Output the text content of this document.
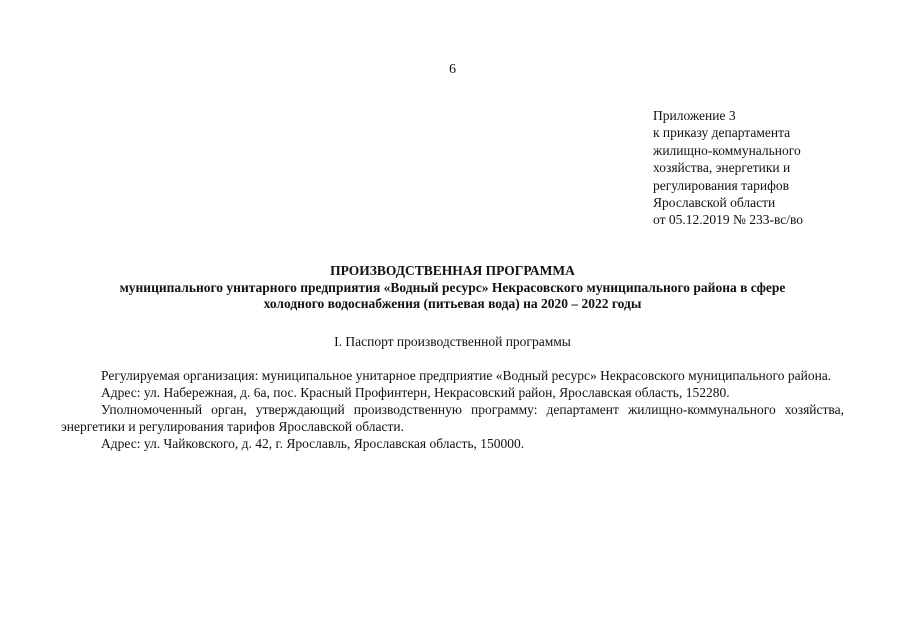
6
Приложение 3
к приказу департамента
жилищно-коммунального
хозяйства, энергетики и
регулирования тарифов
Ярославской области
от 05.12.2019 № 233-вс/во
ПРОИЗВОДСТВЕННАЯ ПРОГРАММА
муниципального унитарного предприятия «Водный ресурс» Некрасовского муниципального района в сфере
холодного водоснабжения (питьевая вода) на 2020 – 2022 годы
I. Паспорт производственной программы

Регулируемая организация: муниципальное унитарное предприятие «Водный ресурс» Некрасовского муниципального района.

Адрес: ул. Набережная, д. 6а, пос. Красный Профинтерн, Некрасовский район, Ярославская область, 152280.

Уполномоченный орган, утверждающий производственную программу: департамент жилищно-коммунального хозяйства, энергетики и регулирования тарифов Ярославской области.

Адрес: ул. Чайковского, д. 42, г. Ярославль, Ярославская область, 150000.
